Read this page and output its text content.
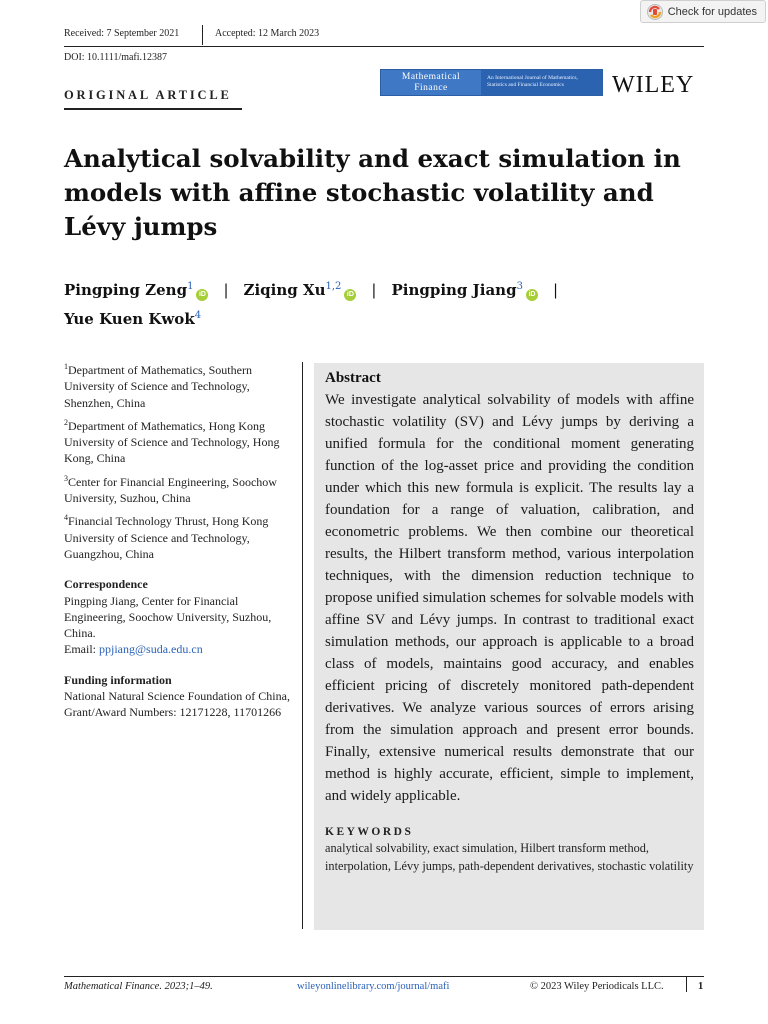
Check for updates
Received: 7 September 2021	Accepted: 12 March 2023
DOI: 10.1111/mafi.12387
ORIGINAL ARTICLE
Mathematical
Finance
An International Journal of Mathematics, Statistics and Financial Economics	WILEY
Analytical solvability and exact simulation in models with affine stochastic volatility and Lévy jumps
Pingping Zeng$^1$iD | Ziqing Xu$^{1,2}$iD | Pingping Jiang$^3$iD |
Yue Kuen Kwok$^4$
$^1$Department of Mathematics, Southern University of Science and Technology, Shenzhen, China
$^2$Department of Mathematics, Hong Kong University of Science and Technology, Hong Kong, China
$^3$Center for Financial Engineering, Soochow University, Suzhou, China
$^4$Financial Technology Thrust, Hong Kong University of Science and Technology, Guangzhou, China
Correspondence
Pingping Jiang, Center for Financial Engineering, Soochow University, Suzhou, China.
Email: ppjiang@suda.edu.cn
Funding information
National Natural Science Foundation of China, Grant/Award Numbers: 12171228, 11701266
Abstract

We investigate analytical solvability of models with affine stochastic volatility (SV) and Lévy jumps by deriving a unified formula for the conditional moment generating function of the log-asset price and providing the condition under which this new formula is explicit. The results lay a foundation for a range of valuation, calibration, and econometric problems. We then combine our theoretical results, the Hilbert transform method, various interpolation techniques, with the dimension reduction technique to propose unified simulation schemes for solvable models with affine SV and Lévy jumps. In contrast to traditional exact simulation methods, our approach is applicable to a broad class of models, maintains good accuracy, and enables efficient pricing of discretely monitored path-dependent derivatives. We analyze various sources of errors arising from the simulation approach and present error bounds. Finally, extensive numerical results demonstrate that our method is highly accurate, efficient, simple to implement, and widely applicable.

KEYWORDS
analytical solvability, exact simulation, Hilbert transform method, interpolation, Lévy jumps, path-dependent derivatives, stochastic volatility
Mathematical Finance. 2023;1–49.	wileyonlinelibrary.com/journal/mafi	© 2023 Wiley Periodicals LLC.	1
